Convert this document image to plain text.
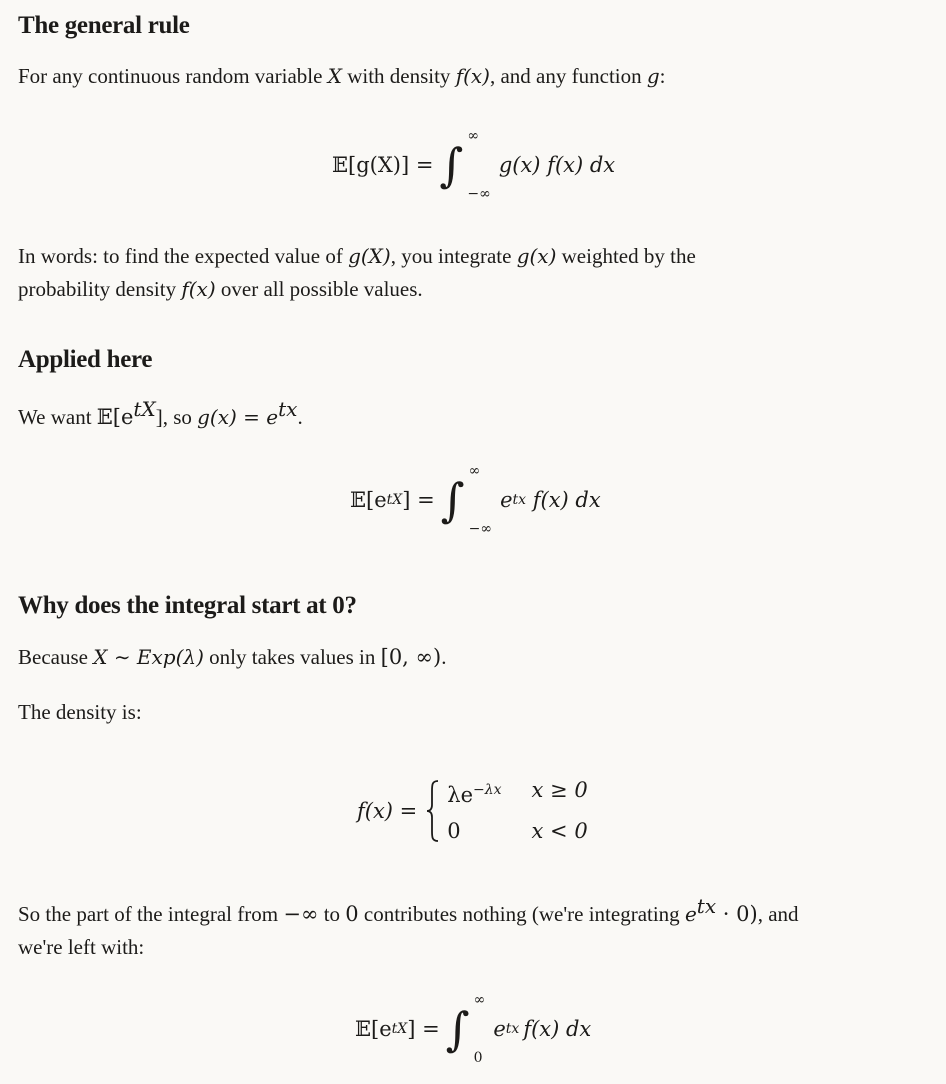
The general rule
For any continuous random variable X with density f(x), and any function g:
𝔼[g(X)] = ∫
∞
−∞
g(x) f(x) dx
In words: to find the expected value of g(X), you integrate g(x) weighted by the
probability density f(x) over all possible values.
Applied here
We want $𝔼[e^{tX}]$, so $g(x) = e^{tx}$.
𝔼[e tX ] = ∫
∞
−∞
e tx f(x) dx
Why does the integral start at 0?
Because X ∼ Exp(λ) only takes values in [0, ∞).
The density is:
f(x) =
$\lambda e^{-\lambda x}$ x ≥ 0
0	x < 0
So the part of the integral from −∞ to 0 contributes nothing (we're integrating $e^{tx} \cdot 0$), and
we're left with:
𝔼[e tX ] = ∫
∞
0
e tx f(x) dx
